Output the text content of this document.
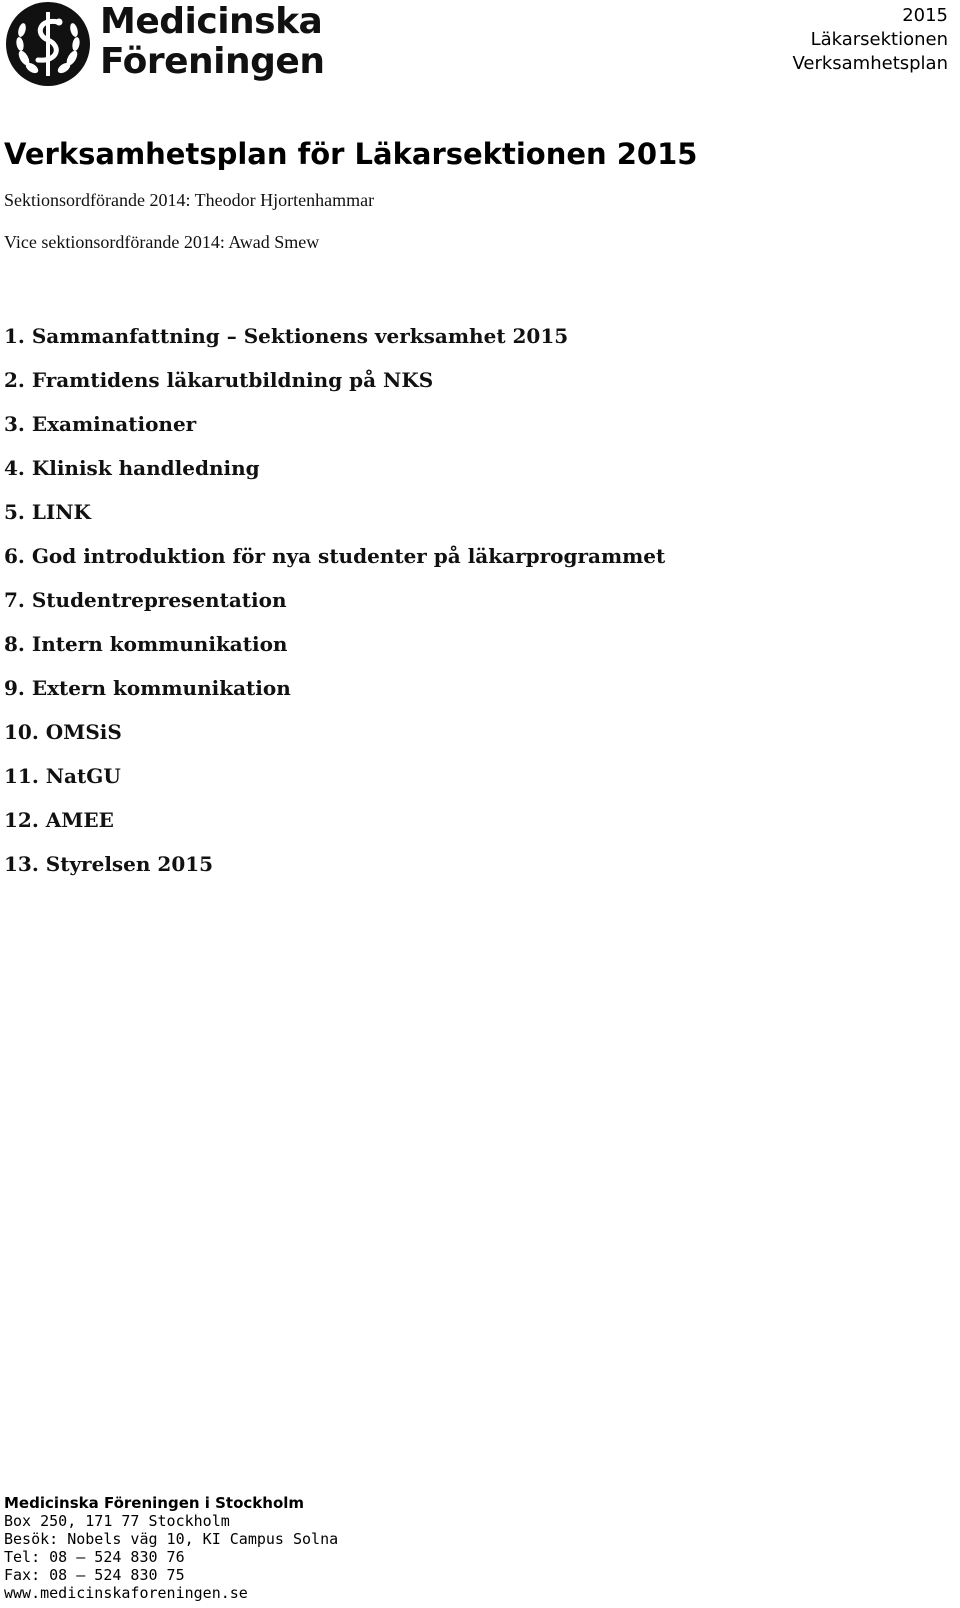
Medicinska
Föreningen
2015
Läkarsektionen
Verksamhetsplan
Verksamhetsplan för Läkarsektionen 2015
Sektionsordförande 2014: Theodor Hjortenhammar
Vice sektionsordförande 2014: Awad Smew
1. Sammanfattning – Sektionens verksamhet 2015
2. Framtidens läkarutbildning på NKS
3. Examinationer
4. Klinisk handledning
5. LINK
6. God introduktion för nya studenter på läkarprogrammet
7. Studentrepresentation
8. Intern kommunikation
9. Extern kommunikation
10. OMSiS
11. NatGU
12. AMEE
13. Styrelsen 2015
Medicinska Föreningen i Stockholm
Box 250, 171 77 Stockholm
Besök: Nobels väg 10, KI Campus Solna
Tel: 08 – 524 830 76
Fax: 08 – 524 830 75
www.medicinskaforeningen.se
